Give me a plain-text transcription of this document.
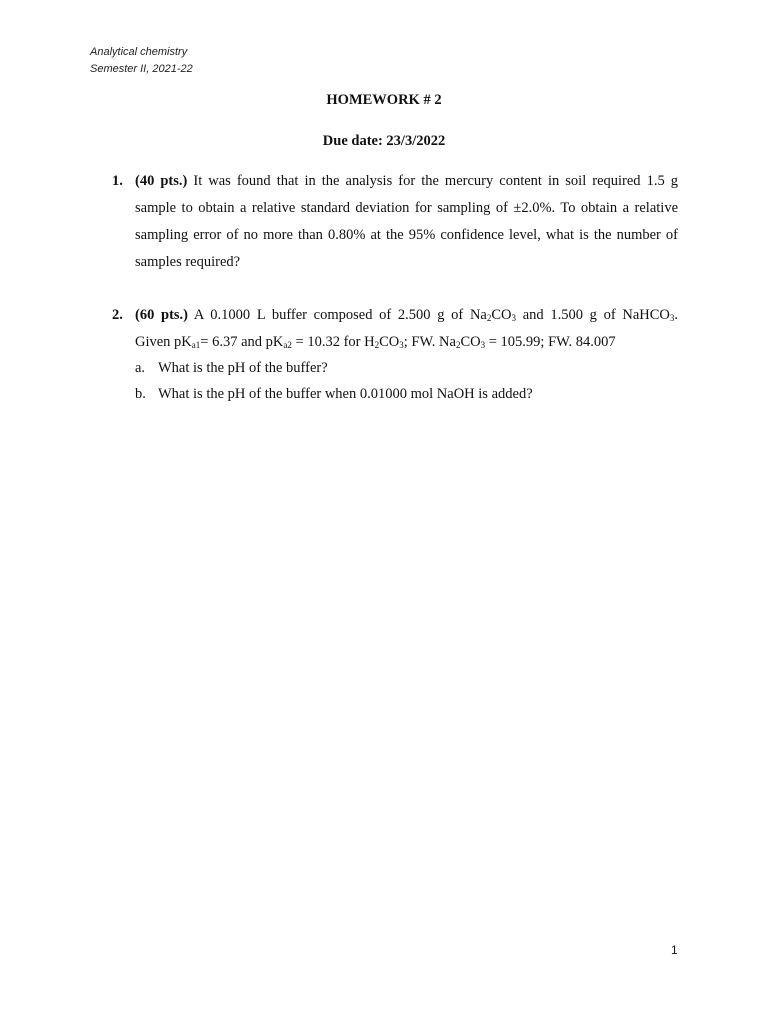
Analytical chemistry
Semester II, 2021-22
HOMEWORK # 2
Due date: 23/3/2022
1. (40 pts.) It was found that in the analysis for the mercury content in soil required 1.5 g
sample to obtain a relative standard deviation for sampling of ±2.0%. To obtain a relative
sampling error of no more than 0.80% at the 95% confidence level, what is the number of
samples required?
2. (60 pts.) A 0.1000 L buffer composed of 2.500 g of $Na_2CO_3$ and 1.500 g of NaHCO$_3$.
Given $pK_{a1}= 6.37$ and $pK_{a2} = 10.32$ for $H_2CO_3$; FW. $Na_2CO_3 = 105.99$; FW. 84.007
a. What is the pH of the buffer?
b. What is the pH of the buffer when 0.01000 mol NaOH is added?
1
